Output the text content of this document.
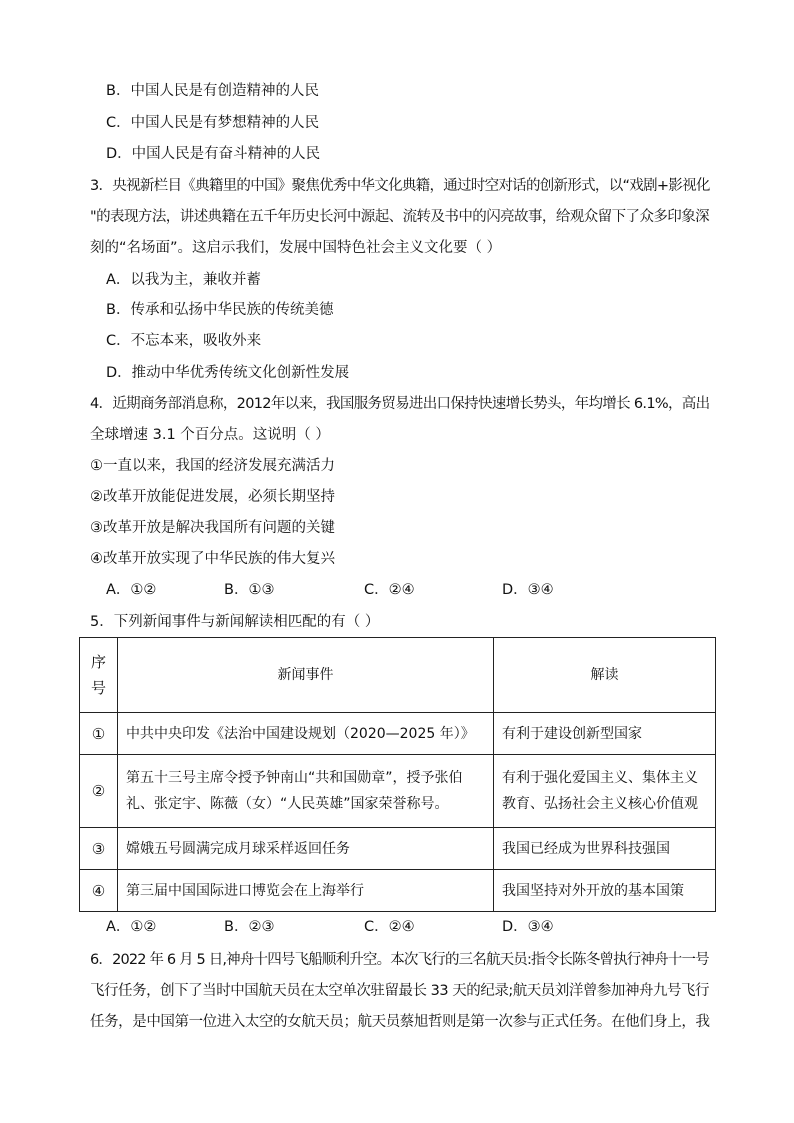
B．中国人民是有创造精神的人民
C．中国人民是有梦想精神的人民
D．中国人民是有奋斗精神的人民
3．央视新栏目《典籍里的中国》聚焦优秀中华文化典籍，通过时空对话的创新形式，以“戏剧+影视化
"的表现方法，讲述典籍在五千年历史长河中源起、流转及书中的闪亮故事，给观众留下了众多印象深
刻的“名场面”。这启示我们，发展中国特色社会主义文化要（ ）
A．以我为主，兼收并蓄
B．传承和弘扬中华民族的传统美德
C．不忘本来，吸收外来
D．推动中华优秀传统文化创新性发展
4．近期商务部消息称，2012年以来，我国服务贸易进出口保持快速增长势头，年均增长 6.1%，高出
全球增速 3.1 个百分点。这说明（ ）
①一直以来，我国的经济发展充满活力
②改革开放能促进发展，必须长期坚持
③改革开放是解决我国所有问题的关键
④改革开放实现了中华民族的伟大复兴
A．①②	B．①③	C．②④	D．③④
5．下列新闻事件与新闻解读相匹配的有（ ）
序
号	新闻事件	解读
①	中共中央印发《法治中国建设规划（2020—2025 年）》	有利于建设创新型国家
②	第五十三号主席令授予钟南山“共和国勋章”，授予张伯礼、张定宇、陈薇（女）“人民英雄”国家荣誉称号。	有利于强化爱国主义、集体主义教育、弘扬社会主义核心价值观
③	嫦娥五号圆满完成月球采样返回任务	我国已经成为世界科技强国
④	第三届中国国际进口博览会在上海举行	我国坚持对外开放的基本国策
A．①②	B．②③	C．②④	D．③④
6．2022 年 6 月 5 日,神舟十四号飞船顺利升空。本次飞行的三名航天员:指令长陈冬曾执行神舟十一号
飞行任务，创下了当时中国航天员在太空单次驻留最长 33 天的纪录;航天员刘洋曾参加神舟九号飞行
任务，是中国第一位进入太空的女航天员；航天员蔡旭哲则是第一次参与正式任务。在他们身上，我
